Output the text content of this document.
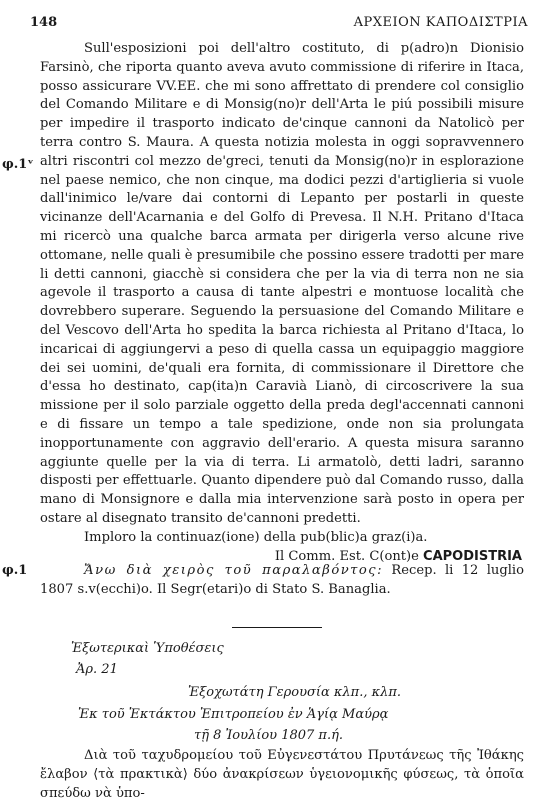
148	ΑΡΧΕΙΟΝ ΚΑΠΟΔΙΣΤΡΙΑ
φ.1ᵛ
φ.1

Sull'esposizioni poi dell'altro costituto, di p(adro)n Dionisio Farsinò, che riporta quanto aveva avuto commissione di riferire in Itaca, posso assicurare VV.EE. che mi sono affrettato di prendere col consiglio del Comando Militare e di Monsig(no)r dell'Arta le piú possibili misure per impedire il trasporto indicato de'cinque cannoni da Natolicò per terra contro S. Maura. A questa notizia molesta in oggi sopravvennero altri riscontri col mezzo de'greci, tenuti da Monsig(no)r in esplorazione nel paese nemico, che non cinque, ma dodici pezzi d'artiglieria si vuole dall'inimico le/vare dai contorni di Lepanto per postarli in queste vicinanze dell'Acarnania e del Golfo di Prevesa. Il N.H. Pritano d'Itaca mi ricercò una qualche barca armata per dirigerla verso alcune rive ottomane, nelle quali è presumibile che possino essere tradotti per mare li detti cannoni, giacchè si considera che per la via di terra non ne sia agevole il trasporto a causa di tante alpestri e montuose località che dovrebbero superare. Seguendo la persuasione del Comando Militare e del Vescovo dell'Arta ho spedita la barca richiesta al Pritano d'Itaca, lo incaricai di aggiungervi a peso di quella cassa un equipaggio maggiore dei sei uomini, de'quali era fornita, di commissionare il Direttore che d'essa ho destinato, cap(ita)n Caravià Lianò, di circoscrivere la sua missione per il solo parziale oggetto della preda degl'accennati cannoni e di fissare un tempo a tale spedizione, onde non sia prolungata inopportunamente con aggravio dell'erario. A questa misura saranno aggiunte quelle per la via di terra. Li armatolò, detti ladri, saranno disposti per effettuarle. Quanto dipendere può dal Comando russo, dalla mano di Monsignore e dalla mia intervenzione sarà posto in opera per ostare al disegnato transito de'cannoni predetti.

Imploro la continuaz(ione) della pub(blic)a graz(i)a.

Il Comm. Est. C(ont)e CAPODISTRIA

Ἄνω διὰ χειρὸς τοῦ παραλαβόντος: Recep. li 12 luglio 1807 s.v(ecchi)o. Il Segr(etari)o di Stato S. Banaglia.

Ἐξωτερικαὶ Ὑποθέσεις
Ἀρ. 21
Ἐξοχωτάτη Γερουσία κλπ., κλπ.
Ἐκ τοῦ Ἐκτάκτου Ἐπιτροπείου ἐν Ἁγίᾳ Μαύρᾳ
τῇ 8 Ἰουλίου 1807 π.ή.

Διὰ τοῦ ταχυδρομείου τοῦ Εὐγενεστάτου Πρυτάνεως τῆς Ἰθάκης ἔλαβον ⟨τὰ πρακτικὰ⟩ δύο ἀνακρίσεων ὑγειονομικῆς φύσεως, τὰ ὁποῖα σπεύδω νὰ ὑπο-
